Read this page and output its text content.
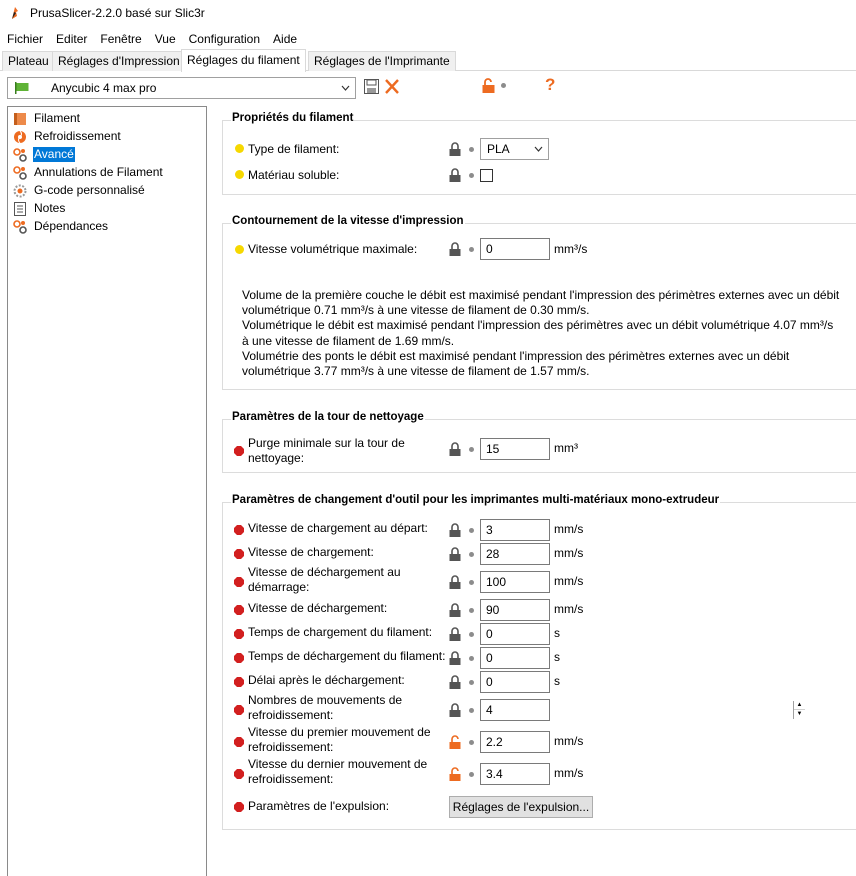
PrusaSlicer-2.2.0 basé sur Slic3r
Fichier	Editer	Fenêtre	Vue	Configuration	Aide
Plateau Réglages d'Impression Réglages du filament	Réglages de l'Imprimante
Anycubic 4 max pro	?
Filament
Refroidissement
Avancé
Annulations de Filament
G-code personnalisé
Notes
Dépendances
Propriétés du filament
Type de filament:	PLA
Matériau soluble:
Contournement de la vitesse d'impression
Vitesse volumétrique maximale:	0	mm³/s
Volume de la première couche le débit est maximisé pendant l'impression des périmètres externes avec un débit volumétrique 0.71 mm³/s à une vitesse de filament de 0.30 mm/s.
Volumétrique le débit est maximisé pendant l'impression des périmètres avec un débit volumétrique 4.07 mm³/s à une vitesse de filament de 1.69 mm/s.
Volumétrie des ponts le débit est maximisé pendant l'impression des périmètres externes avec un débit volumétrique 3.77 mm³/s à une vitesse de filament de 1.57 mm/s.
Paramètres de la tour de nettoyage
Purge minimale sur la tour de nettoyage:
15	mm³
Paramètres de changement d'outil pour les imprimantes multi-matériaux mono-extrudeur
Vitesse de chargement au départ:	3	mm/s
Vitesse de chargement:	28	mm/s
Vitesse de déchargement au démarrage:	100	mm/s
Vitesse de déchargement:	90	mm/s
Temps de chargement du filament:	0	s
Temps de déchargement du filament:	0	s
Délai après le déchargement:	0	s
Nombres de mouvements de refroidissement:	4	▲
▼
Vitesse du premier mouvement de refroidissement:	2.2	mm/s
Vitesse du dernier mouvement de refroidissement:	3.4	mm/s
Paramètres de l'expulsion:	Réglages de l'expulsion...
